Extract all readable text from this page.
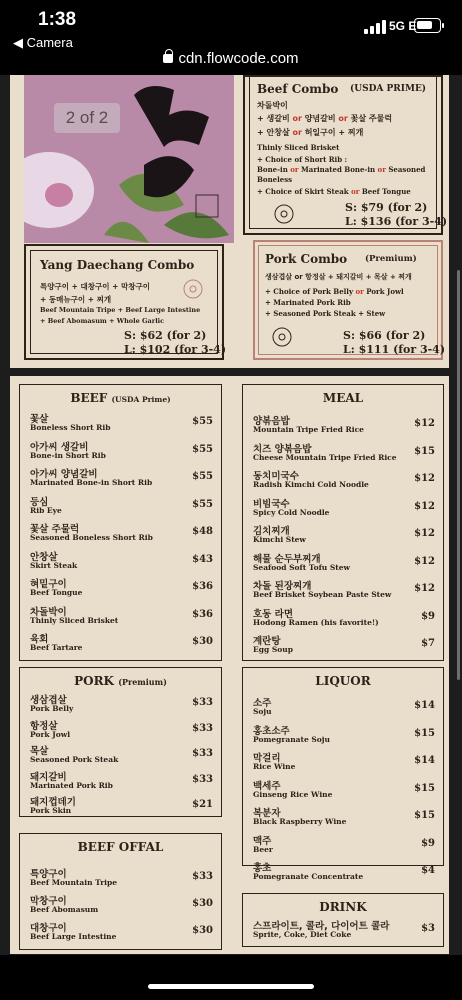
1:38
◀ Camera
5G E
cdn.flowcode.com
2 of 2
Beef Combo (USDA PRIME)
차돌박이
+ 생갈비 or 양념갈비 or 꽃살 주물럭
+ 안창살 or 허일구이 + 찌개
Thinly Sliced Brisket
+ Choice of Short Rib :
Bone-in or Marinated Bone-in or Seasoned
Boneless
+ Choice of Skirt Steak or Beef Tongue
S: $79 (for 2)
L: $136 (for 3-4)
Yang Daechang Combo
특양구이 + 대창구이 + 막창구이
+ 동매뉴구이 + 찌개
Beef Mountain Tripe + Beef Large Intestine
+ Beef Abomasum + Whole Garlic
S: $62 (for 2)
L: $102 (for 3-4)
Pork Combo (Premium)
생삼겹살 or 항정살 + 돼지갈비 + 목살 + 찌개
+ Choice of Pork Belly or Pork Jowl
+ Marinated Pork Rib
+ Seasoned Pork Steak + Stew
S: $66 (for 2)
L: $111 (for 3-4)
BEEF (USDA Prime)
꽃살
Boneless Short Rib
$55
아가씨 생갈비
Bone-in Short Rib
$55
아가씨 양념갈비
Marinated Bone-in Short Rib
$55
등심
Rib Eye
$55
꽃살 주물럭
Seasoned Boneless Short Rib
$48
안창살
Skirt Steak
$43
혀밑구이
Beef Tongue
$36
차돌박이
Thinly Sliced Brisket
$36
육회
Beef Tartare
$30
PORK (Premium)
생삼겹살
Pork Belly
$33
항정살
Pork Jowl
$33
목살
Seasoned Pork Steak
$33
돼지갈비
Marinated Pork Rib
$33
돼지껍데기
Pork Skin
$21
BEEF OFFAL
특양구이
Beef Mountain Tripe
$33
막창구이
Beef Abomasum
$30
대창구이
Beef Large Intestine
$30
MEAL
양볶음밥
Mountain Tripe Fried Rice
$12
치즈 양볶음밥
Cheese Mountain Tripe Fried Rice
$15
동치미국수
Radish Kimchi Cold Noodle
$12
비빔국수
Spicy Cold Noodle
$12
김치찌개
Kimchi Stew
$12
해물 순두부찌개
Seafood Soft Tofu Stew
$12
차돌 된장찌개
Beef Brisket Soybean Paste Stew
$12
호동 라면
Hodong Ramen (his favorite!)
$9
계란탕
Egg Soup
$7
LIQUOR
소주
Soju
$14
홍초소주
Pomegranate Soju
$15
막걸리
Rice Wine
$14
백세주
Ginseng Rice Wine
$15
복분자
Black Raspberry Wine
$15
맥주
Beer
$9
홍초
Pomegranate Concentrate
$4
DRINK
스프라이트, 콜라, 다이어트 콜라
Sprite, Coke, Diet Coke
$3
